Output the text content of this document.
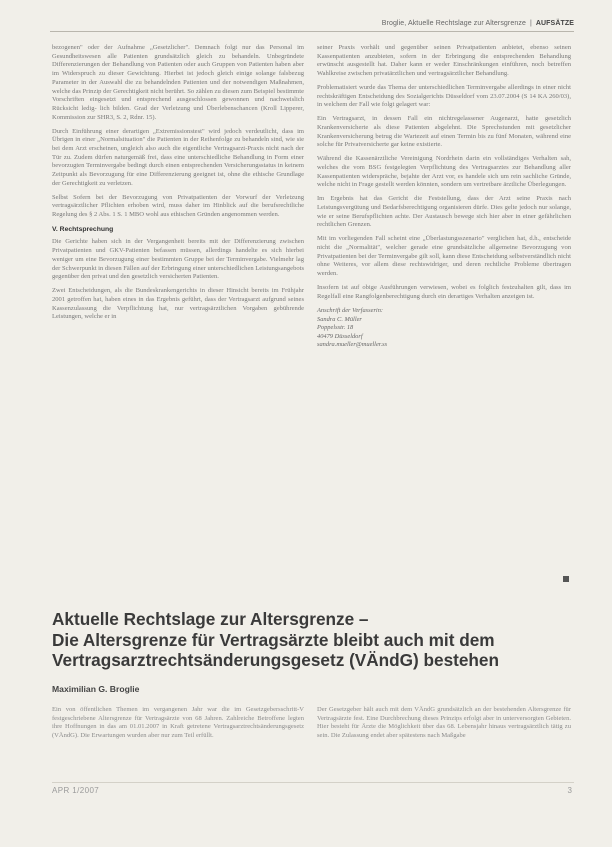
Broglie, Aktuelle Rechtslage zur Altersgrenze | AUFSÄTZE

bezogenen" oder der Aufnahme „Gesetzlicher". Demnach folgt nur das Personal im Gesundheitswesen alle Patienten grundsätzlich gleich zu behandeln. Unbegründete Differenzierungen der Behandlung von Patienten oder auch Gruppen von Patienten haben aber im Widerspruch zu dieser Gewichtung. Hierbei ist jedoch gleich einige solange falsbezug Parameter in der Auswahl die zu behandelnden Patienten und der notwendigen Maßnahmen, welche das Prinzip der Gerechtigkeit nicht berührt. So zählen zu diesen zum Beispiel bestimmte Vorschriften eingesetzt und entsprechend ausgeschlossen gewonnen und nachweislich Rücksicht ledig- lich bilden. Grad der Verletzung und Überlebenschancen (Kroll Lipperer, Kommission zur SHR3, S. 2, Rdnr. 15).

Durch Einführung einer derartigen „Extremissionstest" wird jedoch verdeutlicht, dass im Übrigen in einer „Normalsituation" die Patienten in der Reihenfolge zu behandeln sind, wie sie bei dem Arzt erscheinen, ungleich also auch die eigentliche Vertragsarzt-Praxis nicht nach der Tür zu. Zudem dürfen naturgemäß frei, dass eine unterschiedliche Behandlung in Form einer bevorzugten Terminvergabe bedingt durch einen entsprechenden Versicherungsstatus in keinem Zeitpunkt als Bevorzugung für eine Differenzierung geeignet ist, ohne die ethische Grundlage der Gerechtigkeit zu verletzen.

Selbst Sofern bei der Bevorzugung von Privatpatienten der Vorwurf der Verletzung vertragsärztlicher Pflichten erhoben wird, muss daher im Hinblick auf die berufsrechtliche Regelung des § 2 Abs. 1 S. 1 MBO wohl aus ethischen Gründen angenommen werden.

V. Rechtsprechung

Die Gerichte haben sich in der Vergangenheit bereits mit der Differenzierung zwischen Privatpatienten und GKV-Patienten befassen müssen, allerdings handelte es sich hierbei weniger um eine Bevorzugung einer bestimmten Gruppe bei der Terminvergabe. Vielmehr lag der Schwerpunkt in diesen Fällen auf der Erbringung einer unterschiedlichen Leistungsangebots gegenüber den privat und den gesetzlich versicherten Patienten.

Zwei Entscheidungen, als die Bundeskrankengerichts in dieser Hinsicht bereits im Frühjahr 2001 getroffen hat, haben eines in das Ergebnis geführt, dass der Vertragsarzt aufgrund seines Kassenzulassung die Verpflichtung hat, nur vertragsärztlichen Vorgaben gebührende Leistungen, welche er in

seiner Praxis vorhält und gegenüber seinen Privatpatienten anbietet, ebenso seinen Kassenpatienten anzubieten, sofern in der Erbringung die entsprechenden Behandlung erwünscht ausgestellt hat. Daher kann er weder Einschränkungen einführen, noch betreffen Wahlkreise zwischen privatärztlichen und vertragsärztlicher Behandlung.

Problematisiert wurde das Thema der unterschiedlichen Terminvergabe allerdings in einer nicht rechtskräftigen Entscheidung des Sozialgerichts Düsseldorf vom 23.07.2004 (S 14 KA 260/03), in welchem der Fall wie folgt gelagert war:

Ein Vertragsarzt, in dessen Fall ein nichtregelassener Augenarzt, hatte gesetzlich Krankenversicherte als diese Patienten abgelehnt. Die Sprechstunden mit gesetzlicher Krankenversicherung betrug die Wartezeit auf einen Termin bis zu fünf Monaten, während eine solche für Privatversicherte gar keine existierte.

Während die Kassenärztliche Vereinigung Nordrhein darin ein vollständiges Verhalten sah, welches die vom BSG festgelegten Verpflichtung des Vertragsarztes zur Behandlung aller Kassenpatienten widerspräche, bejahte der Arzt vor, es handele sich um rein sachliche Gründe, welche nicht in Frage gestellt werden könnten, sondern um vertretbare ärztliche Überlegungen.

Im Ergebnis hat das Gericht die Feststellung, dass der Arzt seine Praxis nach Leistungsvergütung und Bedarfsberechtigung organisieren dürfe. Dies gelte jedoch nur solange, wie er seine Berufspflichten achte. Der Austausch bewege sich hier aber in einer gefährlichen rechtlichen Grenzen.

Mit im vorliegenden Fall scheint eine „Überlastungsszenario" verglichen hat, d.h., entscheide nicht die „Normalität", welcher gerade eine grundsätzliche allgemeine Bevorzugung von Privatpatienten bei der Terminvergabe gilt soll, kann diese Entscheidung selbstverständlich nicht ohne Weiteres, vor allem diese rechtswidriger, und deren rechtliche Probleme übertragen werden.

Insofern ist auf obige Ausführungen verwiesen, wobei es folglich festzuhalten gilt, dass im Regelfall eine Rangfolgenberechtigung durch ein derartiges Verhalten anzeigen ist.

Anschrift der Verfasserin:
Sandra C. Müller
Poppelsstr. 18
40479 Düsseldorf
sandra.mueller@mueller.ss
Aktuelle Rechtslage zur Altersgrenze –
Die Altersgrenze für Vertragsärzte bleibt auch mit dem
Vertragsarztrechtsänderungsgesetz (VÄndG) bestehen
Maximilian G. Broglie

Ein von öffentlichen Themen im vergangenen Jahr war die im Gesetzgebersschritt-V festgeschriebene Altersgrenze für Vertragsärzte von 68 Jahren. Zahlreiche Betroffene legten ihre Hoffnungen in das am 01.01.2007 in Kraft getretene Vertragsarztrechtsänderungsgesetz (VÄndG). Die Erwartungen wurden aber nur zum Teil erfüllt.

Der Gesetzgeber hält auch mit dem VÄndG grundsätzlich an der bestehenden Altersgrenze für Vertragsärzte fest. Eine Durchbrechung dieses Prinzips erfolgt aber in unterversorgten Gebieten. Hier besteht für Ärzte die Möglichkeit über das 68. Lebensjahr hinaus vertragsärztlich tätig zu sein. Die Zulassung endet aber spätestens nach Maßgabe

APR 1/2007	3
